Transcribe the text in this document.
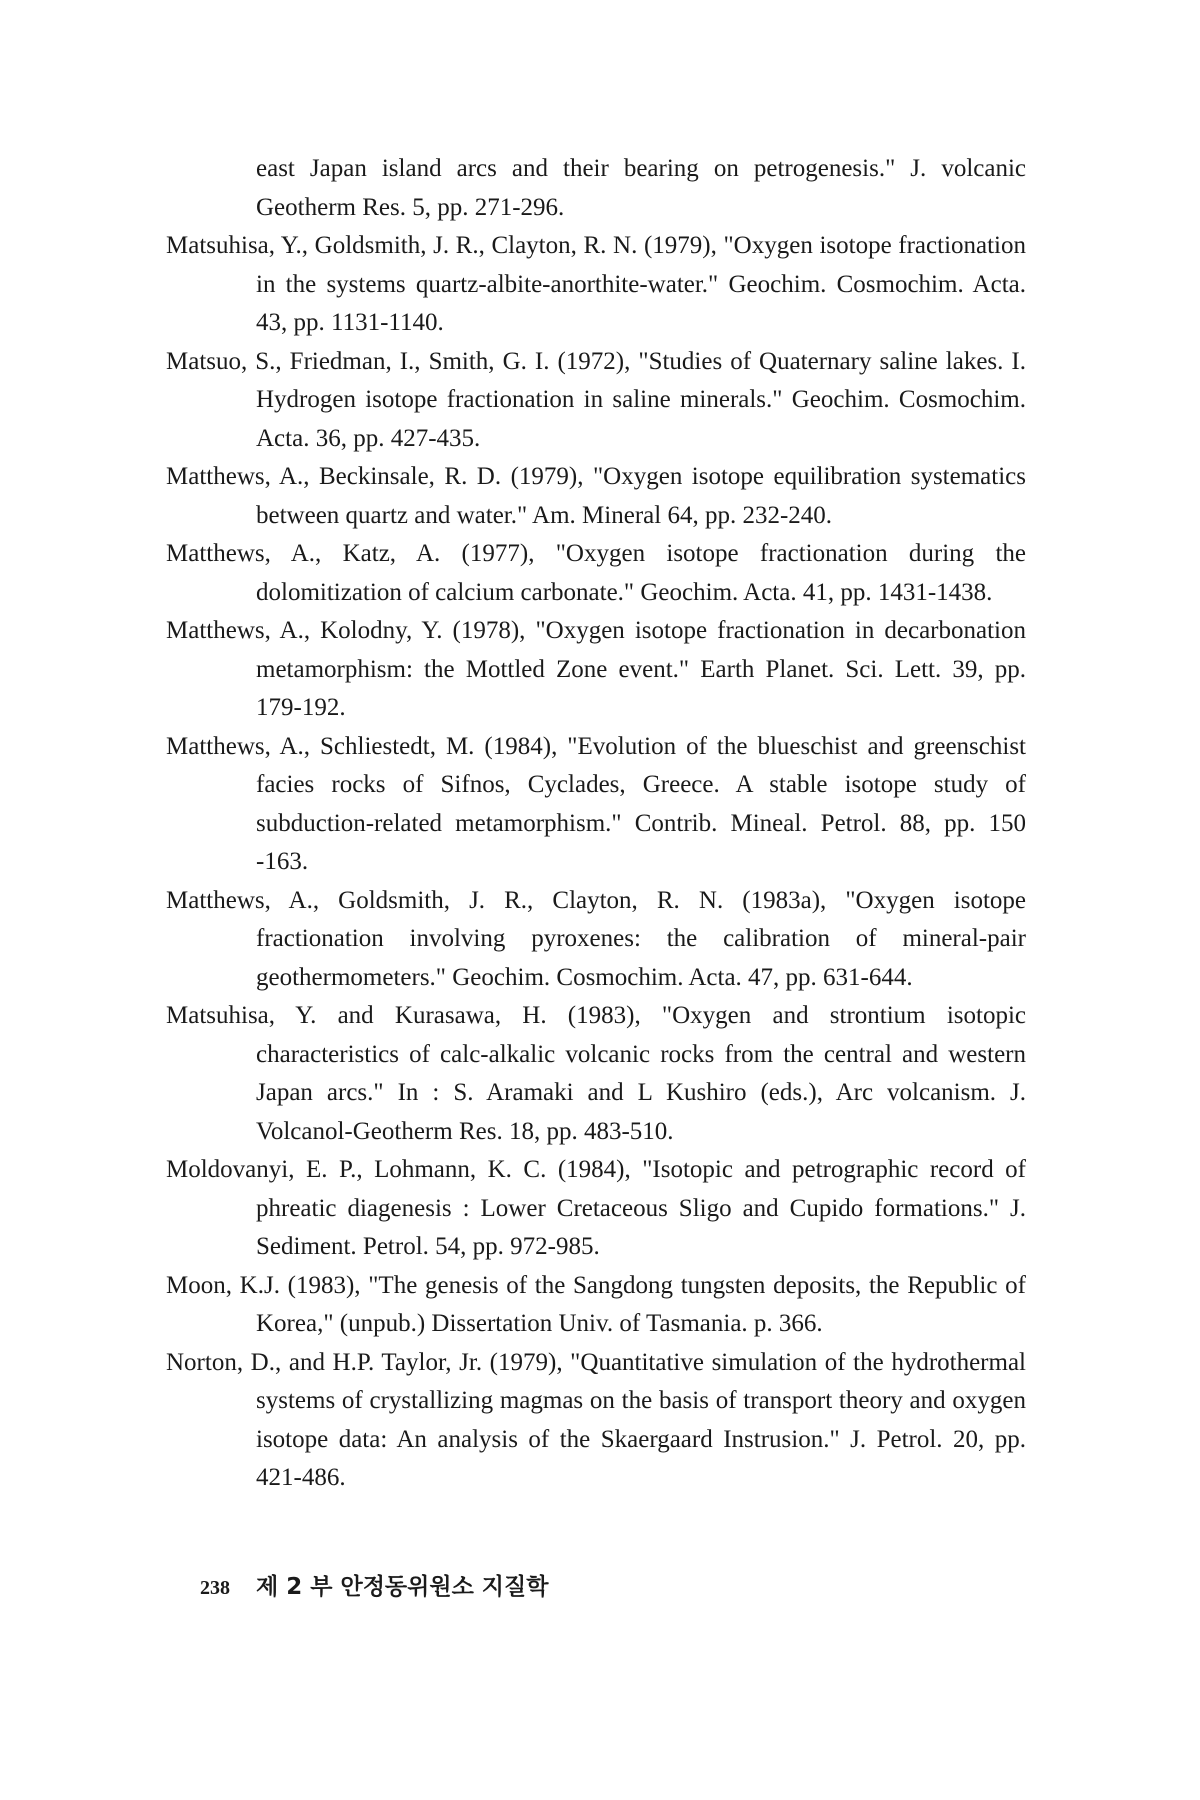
east Japan island arcs and their bearing on petrogenesis." J. volcanic Geotherm Res. 5, pp. 271-296.

Matsuhisa, Y., Goldsmith, J. R., Clayton, R. N. (1979), "Oxygen isotope fractionation in the systems quartz-albite-anorthite-water." Geochim. Cosmochim. Acta. 43, pp. 1131-1140.

Matsuo, S., Friedman, I., Smith, G. I. (1972), "Studies of Quaternary saline lakes. I. Hydrogen isotope fractionation in saline minerals." Geochim. Cosmochim. Acta. 36, pp. 427-435.

Matthews, A., Beckinsale, R. D. (1979), "Oxygen isotope equilibration systematics between quartz and water." Am. Mineral 64, pp. 232-240.

Matthews, A., Katz, A. (1977), "Oxygen isotope fractionation during the dolomitization of calcium carbonate." Geochim. Acta. 41, pp. 1431-1438.

Matthews, A., Kolodny, Y. (1978), "Oxygen isotope fractionation in decarbonation metamorphism: the Mottled Zone event." Earth Planet. Sci. Lett. 39, pp. 179-192.

Matthews, A., Schliestedt, M. (1984), "Evolution of the blueschist and greenschist facies rocks of Sifnos, Cyclades, Greece. A stable isotope study of subduction-related metamorphism." Contrib. Mineal. Petrol. 88, pp. 150 -163.

Matthews, A., Goldsmith, J. R., Clayton, R. N. (1983a), "Oxygen isotope fractionation involving pyroxenes: the calibration of mineral-pair geothermometers." Geochim. Cosmochim. Acta. 47, pp. 631-644.

Matsuhisa, Y. and Kurasawa, H. (1983), "Oxygen and strontium isotopic characteristics of calc-alkalic volcanic rocks from the central and western Japan arcs." In : S. Aramaki and L Kushiro (eds.), Arc volcanism. J. Volcanol-Geotherm Res. 18, pp. 483-510.

Moldovanyi, E. P., Lohmann, K. C. (1984), "Isotopic and petrographic record of phreatic diagenesis : Lower Cretaceous Sligo and Cupido formations." J. Sediment. Petrol. 54, pp. 972-985.

Moon, K.J. (1983), "The genesis of the Sangdong tungsten deposits, the Republic of Korea," (unpub.) Dissertation Univ. of Tasmania. p. 366.

Norton, D., and H.P. Taylor, Jr. (1979), "Quantitative simulation of the hydrothermal systems of crystallizing magmas on the basis of transport theory and oxygen isotope data: An analysis of the Skaergaard Instrusion." J. Petrol. 20, pp. 421-486.

238 제 2 부 안정동위원소 지질학
